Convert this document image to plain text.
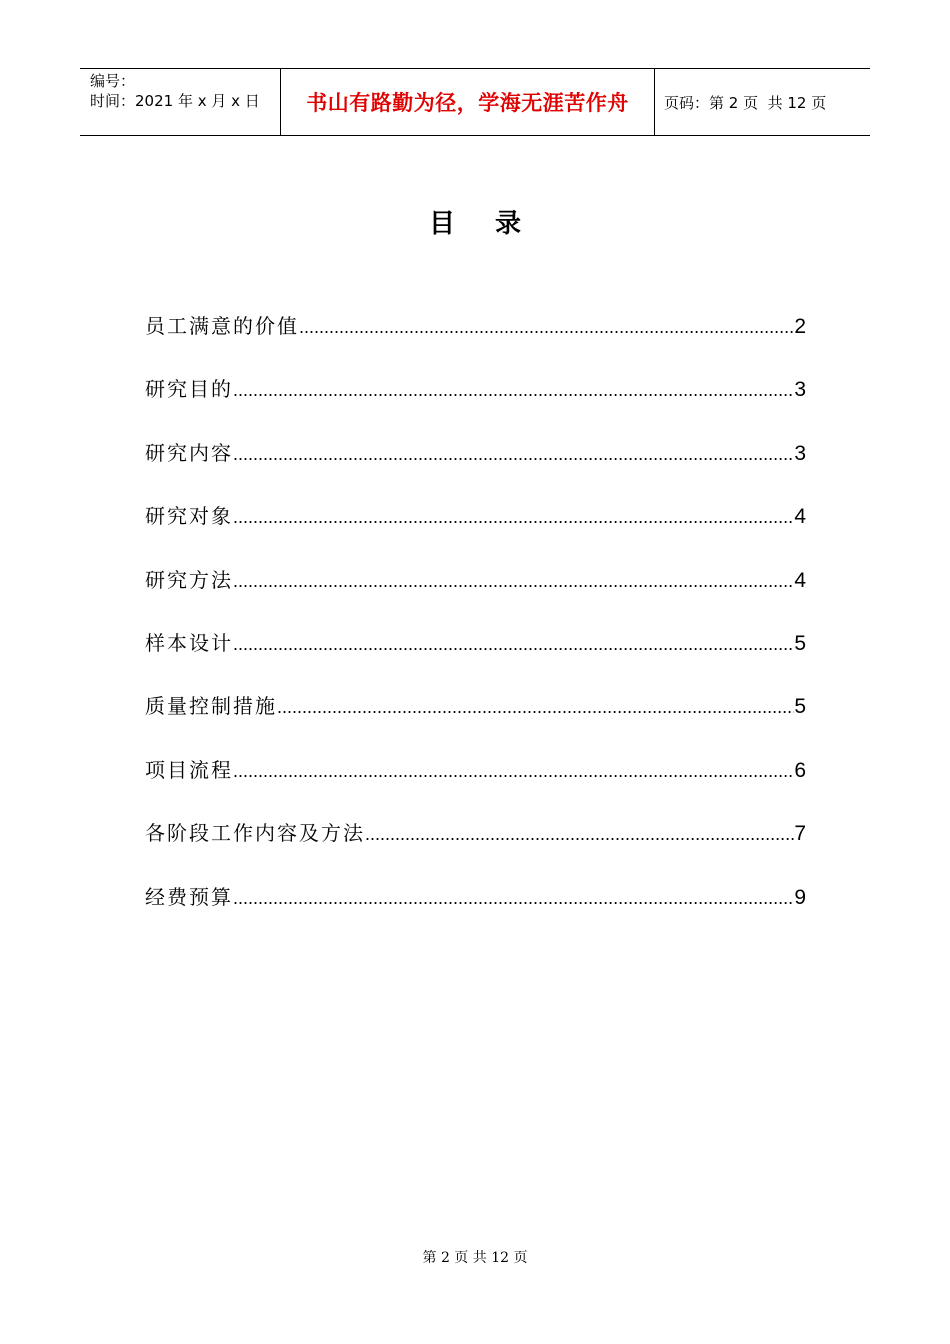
编号：
时间：2021 年 x 月 x 日	书山有路勤为径，学海无涯苦作舟	页码：第 2 页  共 12 页
目录
员工满意的价值 .....	2
研究目的 .....	3
研究内容 .....	3
研究对象 .....	4
研究方法 .....	4
样本设计 .....	5
质量控制措施 .....	5
项目流程 .....	6
各阶段工作内容及方法 .....	7
经费预算 .....	9
第 2 页 共 12 页
